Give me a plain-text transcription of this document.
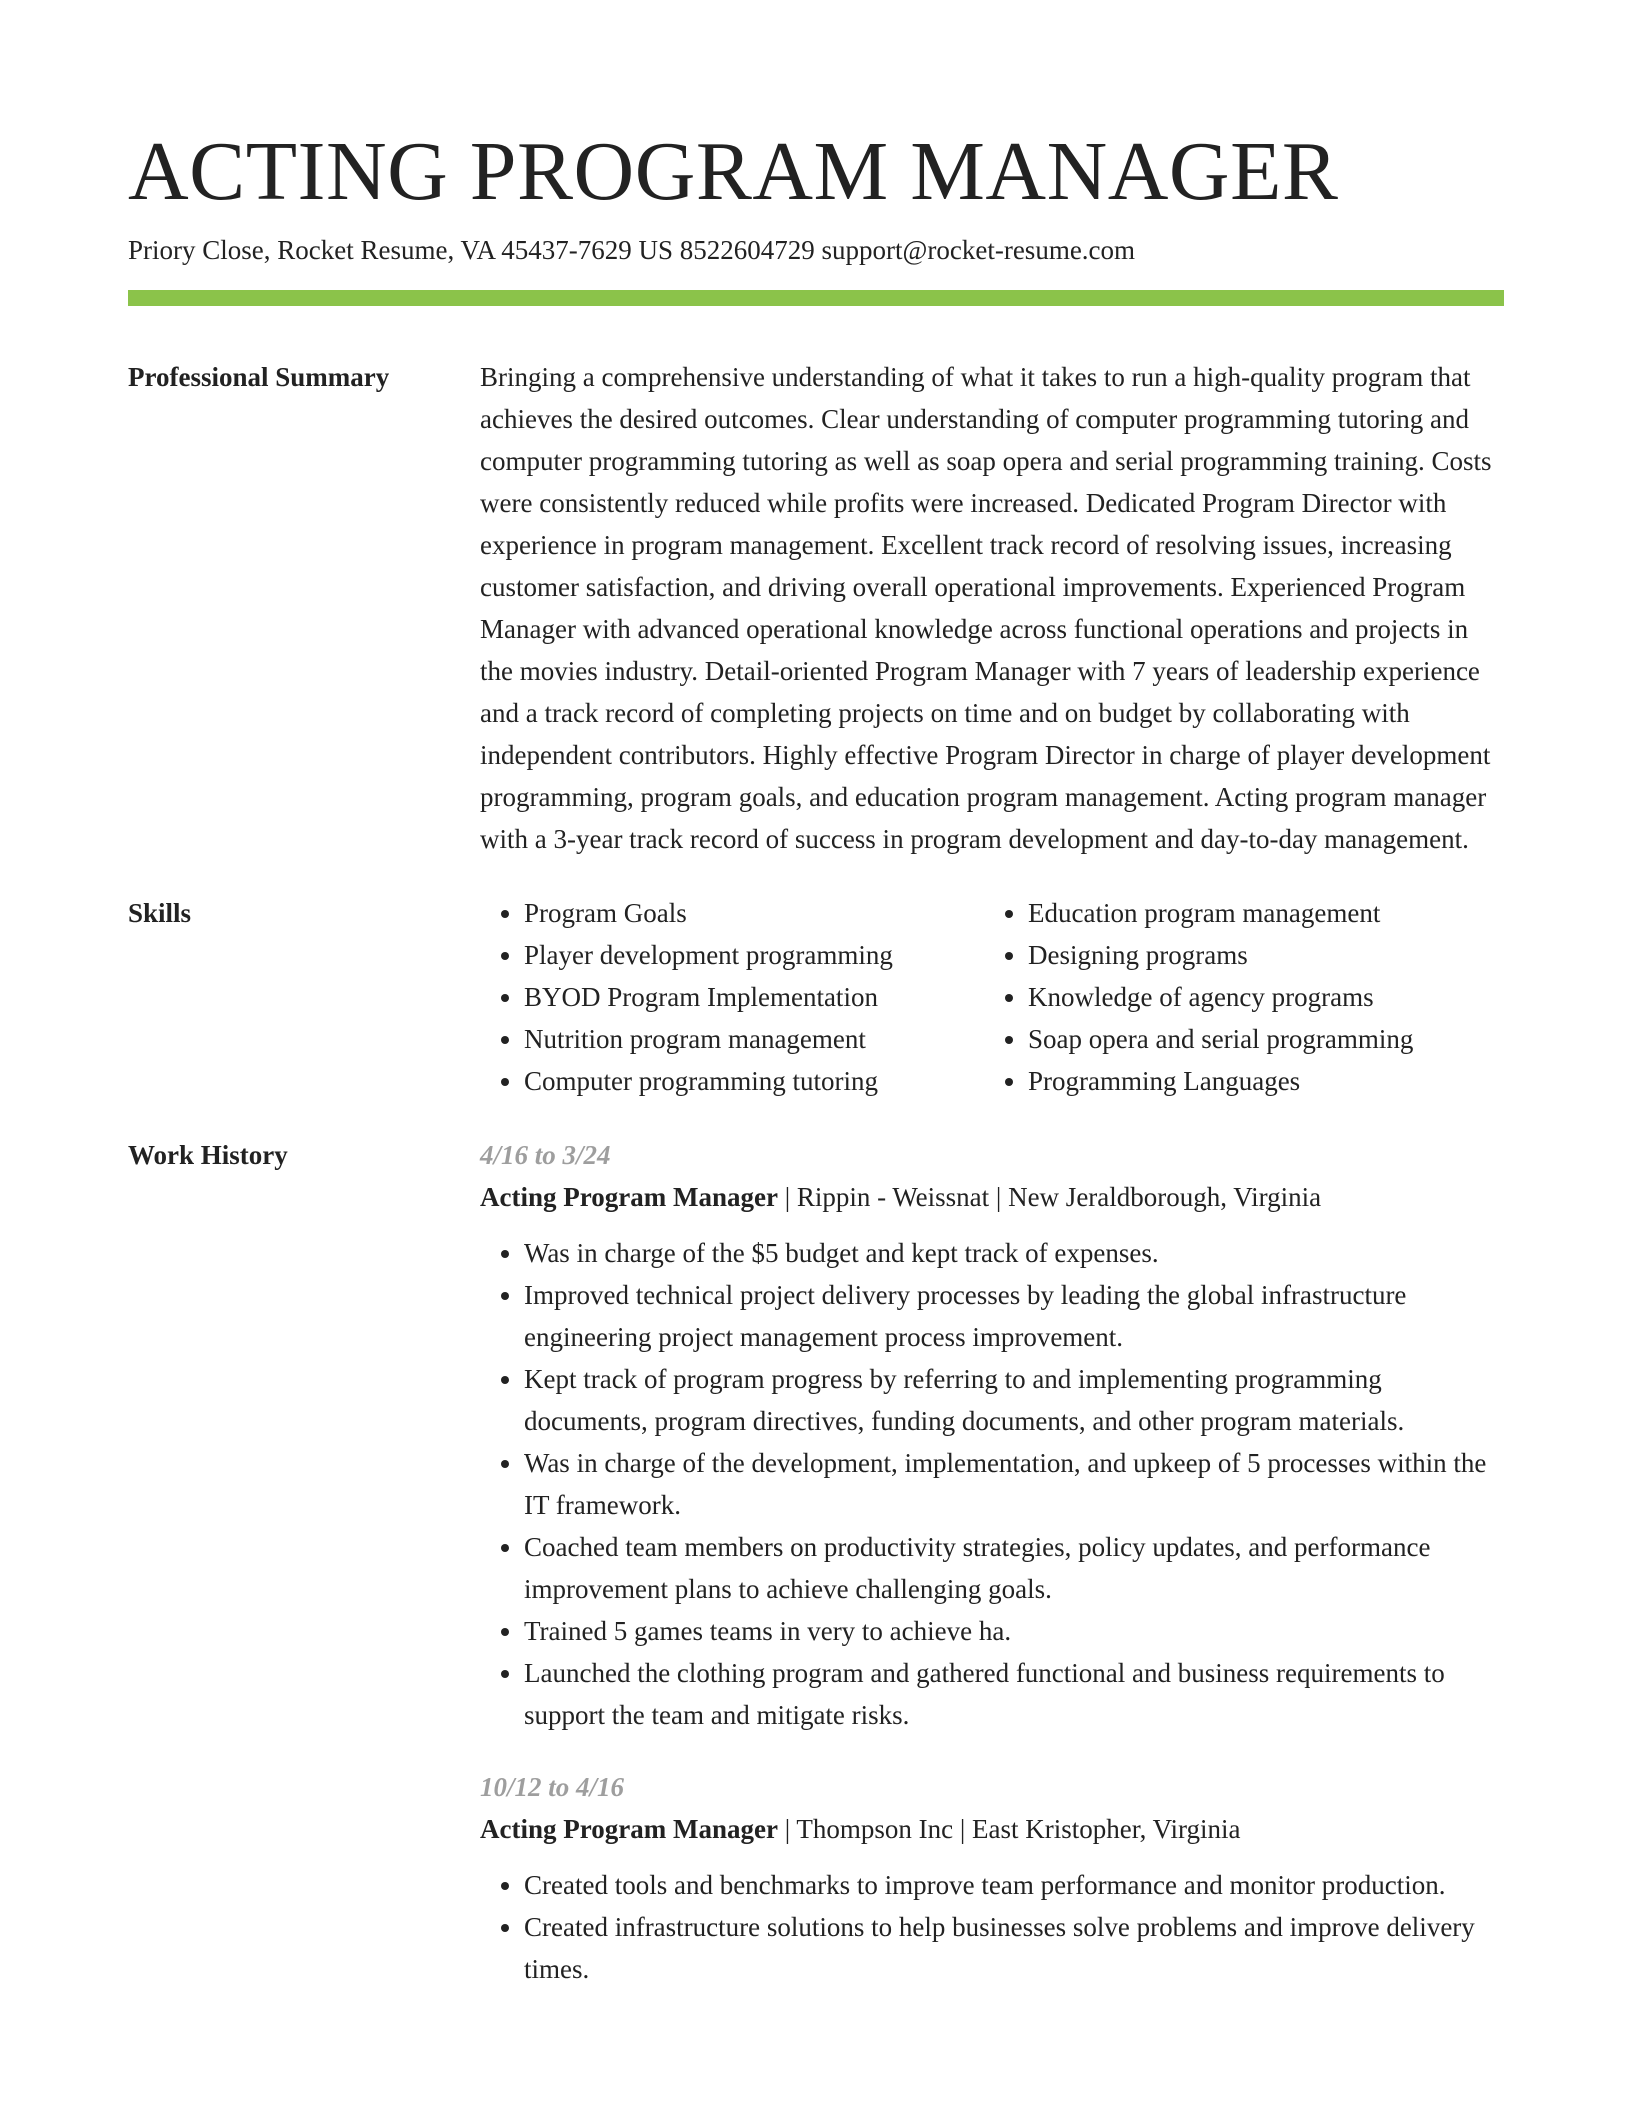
ACTING PROGRAM MANAGER
Priory Close, Rocket Resume, VA 45437-7629 US 8522604729 support@rocket-resume.com
Professional Summary	Bringing a comprehensive understanding of what it takes to run a high-quality program that achieves the desired outcomes. Clear understanding of computer programming tutoring and computer programming tutoring as well as soap opera and serial programming training. Costs were consistently reduced while profits were increased. Dedicated Program Director with experience in program management. Excellent track record of resolving issues, increasing customer satisfaction, and driving overall operational improvements. Experienced Program Manager with advanced operational knowledge across functional operations and projects in the movies industry. Detail-oriented Program Manager with 7 years of leadership experience and a track record of completing projects on time and on budget by collaborating with independent contributors. Highly effective Program Director in charge of player development programming, program goals, and education program management. Acting program manager with a 3-year track record of success in program development and day-to-day management.
Skills
•	Program Goals
• Player development programming
• BYOD Program Implementation
• Nutrition program management
• Computer programming tutoring
• Education program management
• Designing programs
• Knowledge of agency programs
• Soap opera and serial programming
• Programming Languages
Work History	4/16 to 3/24
Acting Program Manager | Rippin - Weissnat | New Jeraldborough, Virginia
• Was in charge of the $5 budget and kept track of expenses.
• Improved technical project delivery processes by leading the global infrastructure engineering project management process improvement.
• Kept track of program progress by referring to and implementing programming documents, program directives, funding documents, and other program materials.
• Was in charge of the development, implementation, and upkeep of 5 processes within the IT framework.
• Coached team members on productivity strategies, policy updates, and performance improvement plans to achieve challenging goals.
• Trained 5 games teams in very to achieve ha.
• Launched the clothing program and gathered functional and business requirements to support the team and mitigate risks.
10/12 to 4/16
Acting Program Manager | Thompson Inc | East Kristopher, Virginia
• Created tools and benchmarks to improve team performance and monitor production.
• Created infrastructure solutions to help businesses solve problems and improve delivery times.
